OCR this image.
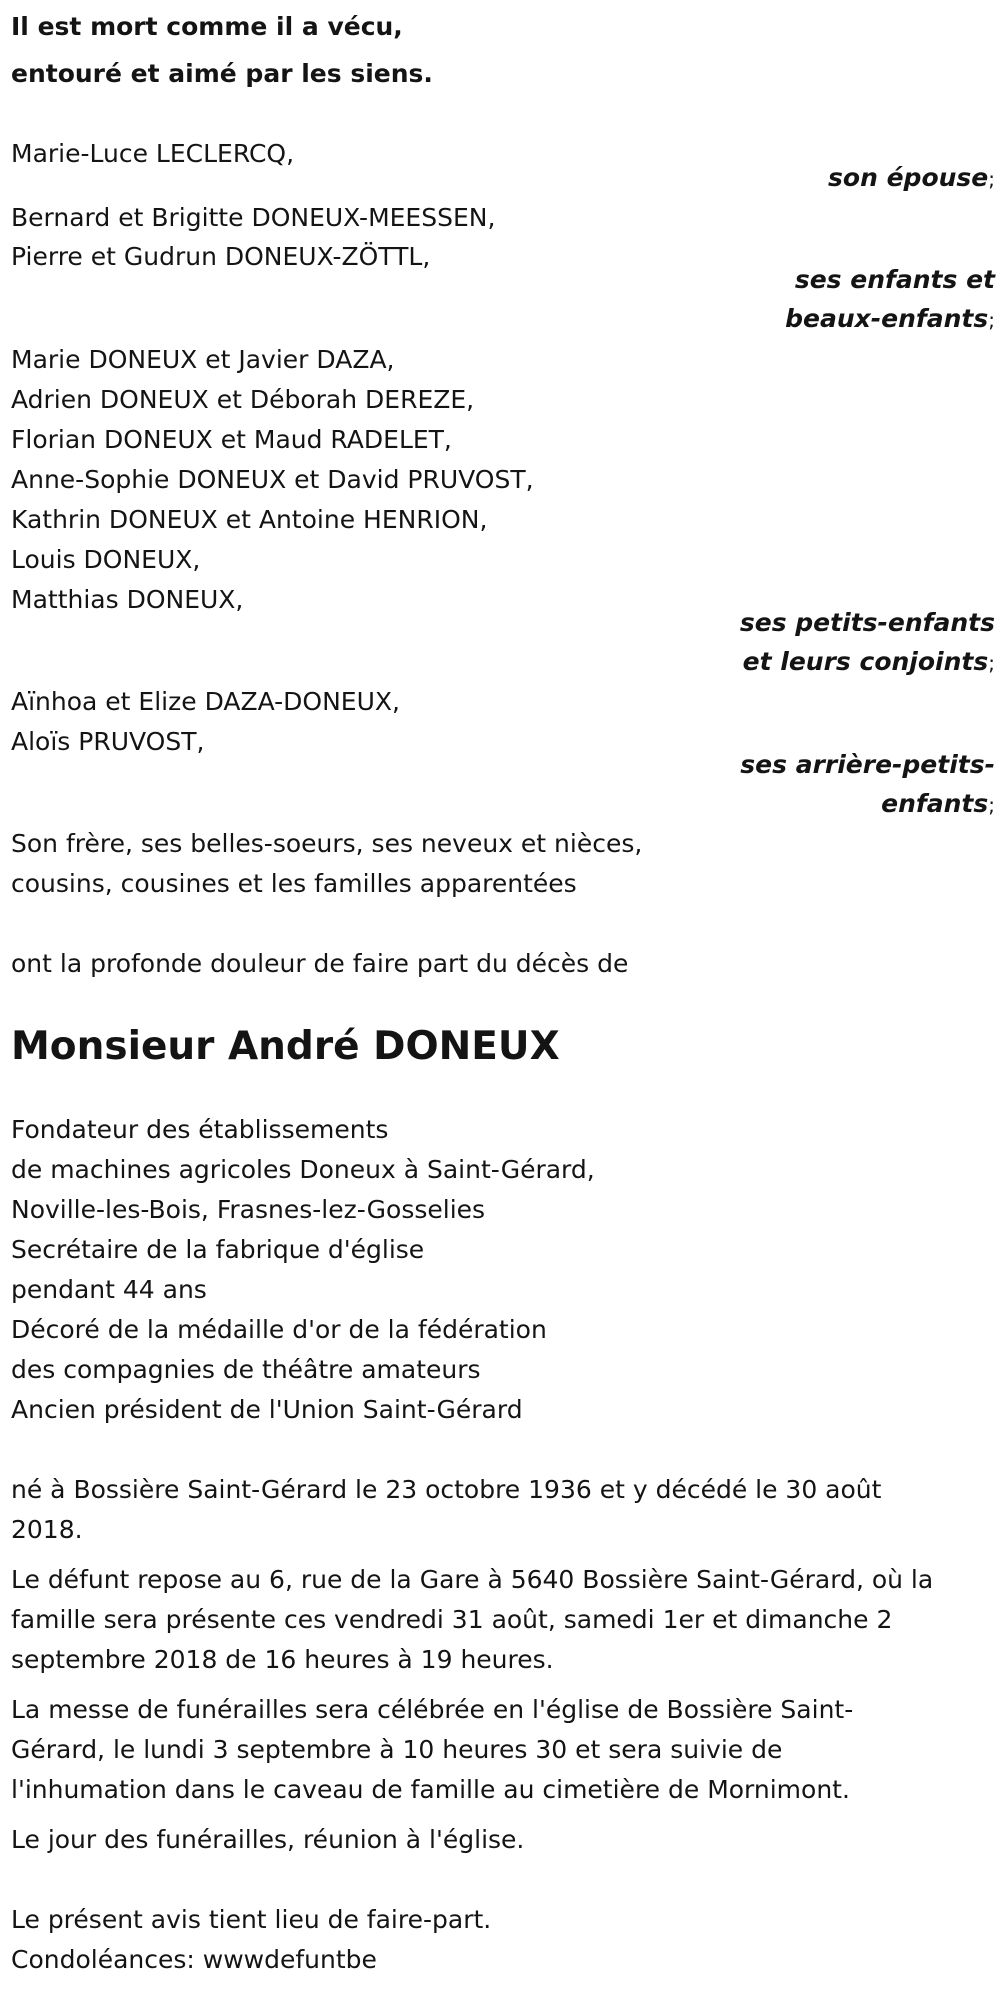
Il est mort comme il a vécu,
entouré et aimé par les siens.
Marie-Luce LECLERCQ,
son épouse;
Bernard et Brigitte DONEUX-MEESSEN,
Pierre et Gudrun DONEUX-ZÖTTL,
ses enfants et
beaux-enfants;
Marie DONEUX et Javier DAZA,
Adrien DONEUX et Déborah DEREZE,
Florian DONEUX et Maud RADELET,
Anne-Sophie DONEUX et David PRUVOST,
Kathrin DONEUX et Antoine HENRION,
Louis DONEUX,
Matthias DONEUX,
ses petits-enfants
et leurs conjoints;
Aïnhoa et Elize DAZA-DONEUX,
Aloïs PRUVOST,
ses arrière-petits-
enfants;
Son frère, ses belles-soeurs, ses neveux et nièces,
cousins, cousines et les familles apparentées
ont la profonde douleur de faire part du décès de
Monsieur André DONEUX
Fondateur des établissements
de machines agricoles Doneux à Saint-Gérard,
Noville-les-Bois, Frasnes-lez-Gosselies
Secrétaire de la fabrique d'église
pendant 44 ans
Décoré de la médaille d'or de la fédération
des compagnies de théâtre amateurs
Ancien président de l'Union Saint-Gérard
né à Bossière Saint-Gérard le 23 octobre 1936 et y décédé le 30 août
2018.
Le défunt repose au 6, rue de la Gare à 5640 Bossière Saint-Gérard, où la
famille sera présente ces vendredi 31 août, samedi 1er et dimanche 2
septembre 2018 de 16 heures à 19 heures.
La messe de funérailles sera célébrée en l'église de Bossière Saint-
Gérard, le lundi 3 septembre à 10 heures 30 et sera suivie de
l'inhumation dans le caveau de famille au cimetière de Mornimont.
Le jour des funérailles, réunion à l'église.
Le présent avis tient lieu de faire-part.
Condoléances: wwwdefuntbe
